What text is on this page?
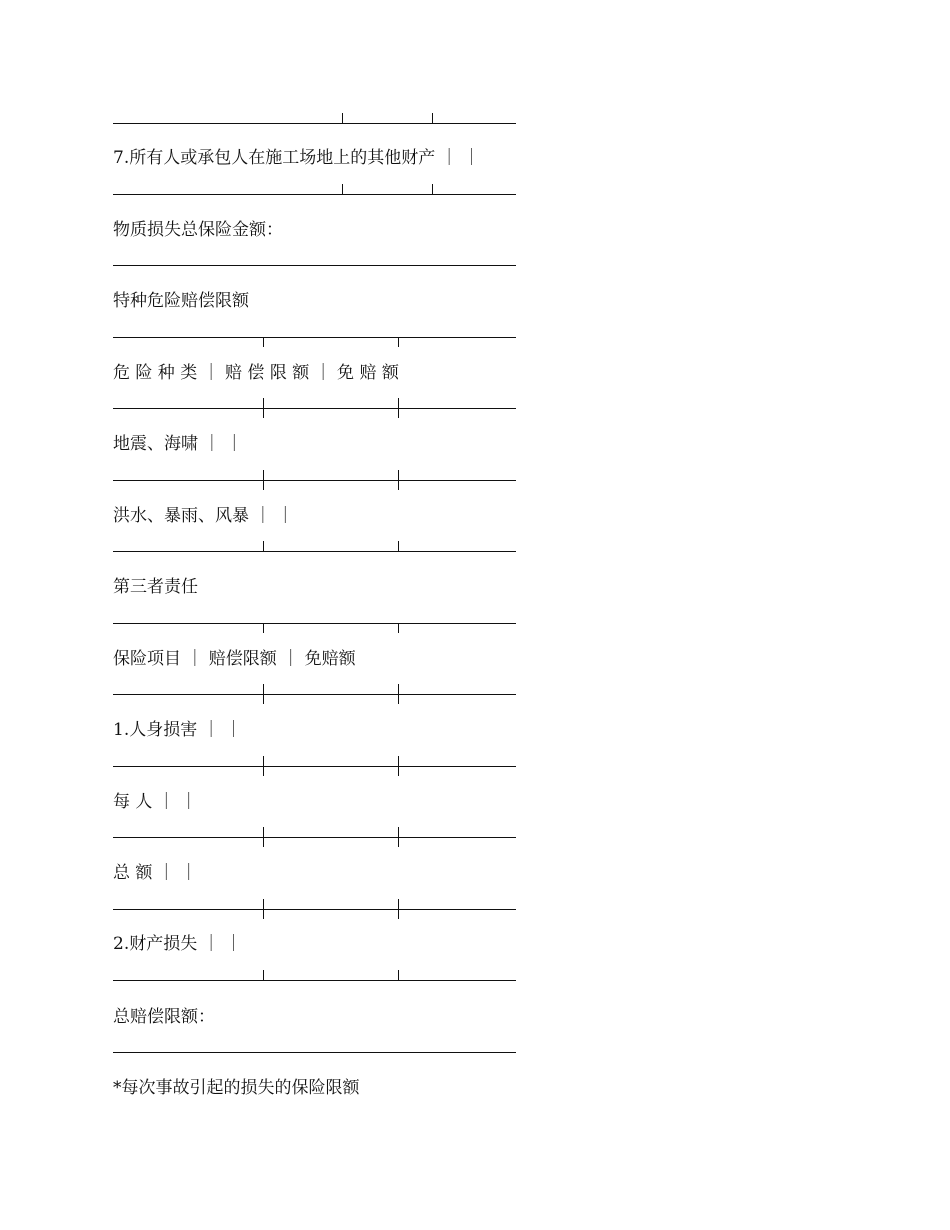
7.所有人或承包人在施工场地上的其他财产 ｜ ｜

物质损失总保险金额：

特种危险赔偿限额

危 险 种 类 ｜ 赔 偿 限 额 ｜ 免 赔 额

地震、海啸 ｜ ｜

洪水、暴雨、风暴 ｜ ｜

第三者责任

保险项目 ｜ 赔偿限额 ｜ 免赔额

1.人身损害 ｜ ｜

每 人 ｜ ｜

总 额 ｜ ｜

2.财产损失 ｜ ｜

总赔偿限额：

*每次事故引起的损失的保险限额
